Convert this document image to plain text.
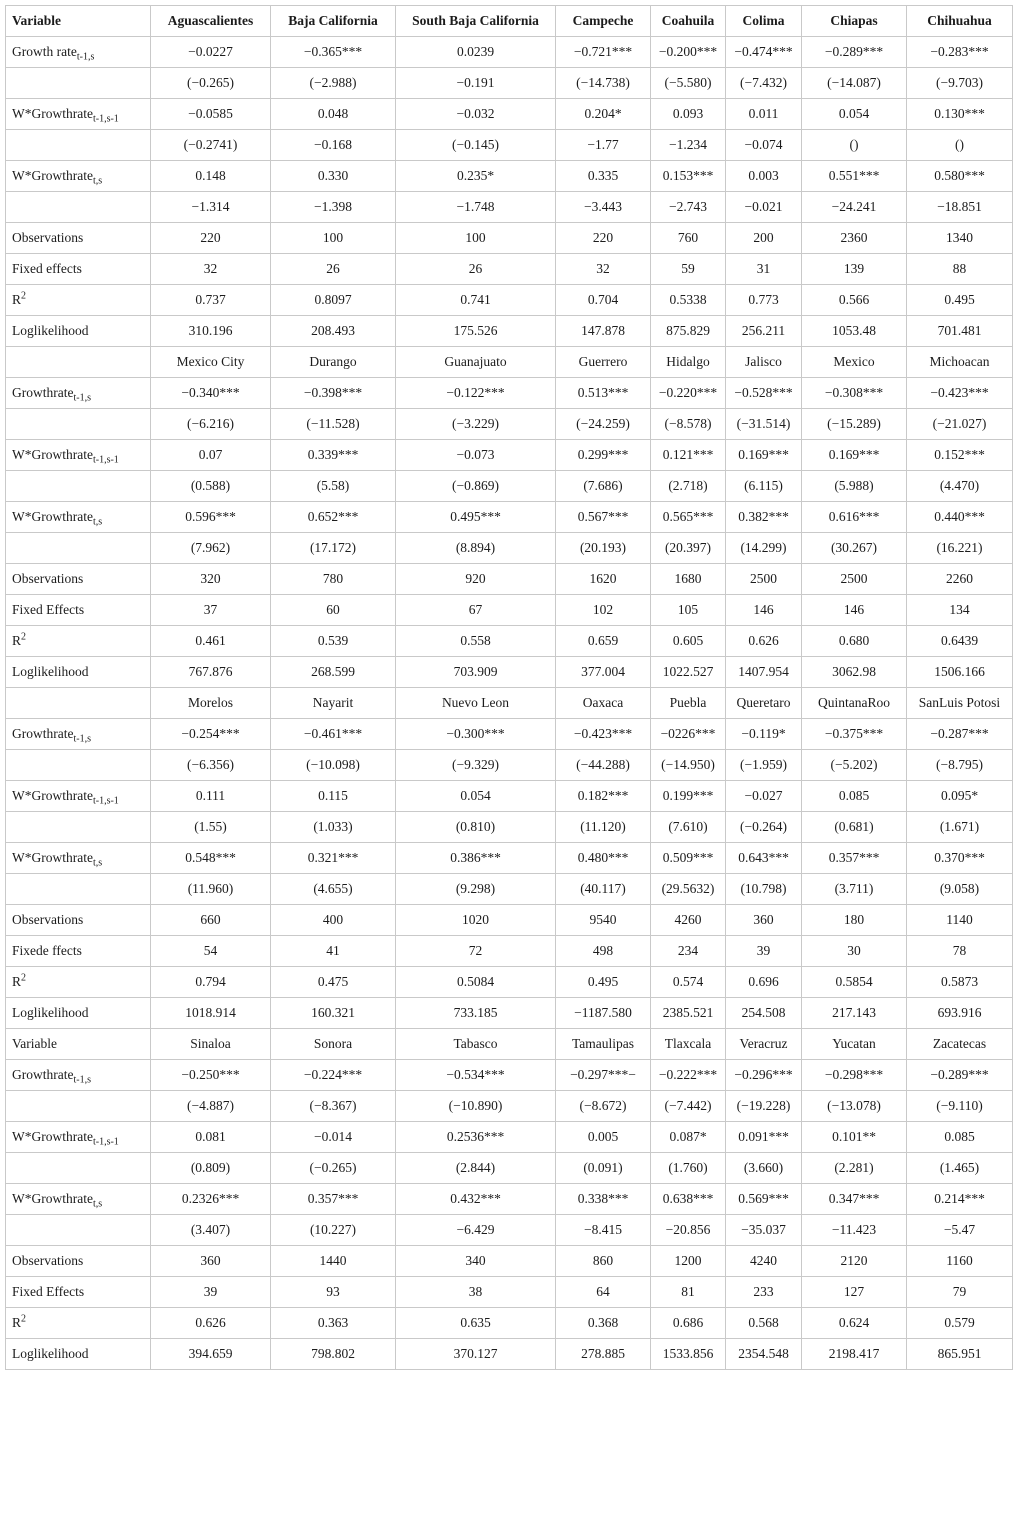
Variable	Aguascalientes	Baja California	South Baja California	Campeche	Coahuila	Colima	Chiapas	Chihuahua
Growth rate$_{t-1,s}$	−0.0227	−0.365***	0.0239	−0.721***	−0.200***	−0.474***	−0.289***	−0.283***
	(−0.265)	(−2.988)	−0.191	(−14.738)	(−5.580)	(−7.432)	(−14.087)	(−9.703)
W*Growthrate$_{t-1,s-1}$	−0.0585	0.048	−0.032	0.204*	0.093	0.011	0.054	0.130***
	(−0.2741)	−0.168	(−0.145)	−1.77	−1.234	−0.074	()	()
W*Growthrate$_{t,s}$	0.148	0.330	0.235*	0.335	0.153***	0.003	0.551***	0.580***
	−1.314	−1.398	−1.748	−3.443	−2.743	−0.021	−24.241	−18.851
Observations	220	100	100	220	760	200	2360	1340
Fixed effects	32	26	26	32	59	31	139	88
$R^2$	0.737	0.8097	0.741	0.704	0.5338	0.773	0.566	0.495
Loglikelihood	310.196	208.493	175.526	147.878	875.829	256.211	1053.48	701.481
	Mexico City	Durango	Guanajuato	Guerrero	Hidalgo	Jalisco	Mexico	Michoacan
Growthrate$_{t-1,s}$	−0.340***	−0.398***	−0.122***	0.513***	−0.220***	−0.528***	−0.308***	−0.423***
	(−6.216)	(−11.528)	(−3.229)	(−24.259)	(−8.578)	(−31.514)	(−15.289)	(−21.027)
W*Growthrate$_{t-1,s-1}$	0.07	0.339***	−0.073	0.299***	0.121***	0.169***	0.169***	0.152***
	(0.588)	(5.58)	(−0.869)	(7.686)	(2.718)	(6.115)	(5.988)	(4.470)
W*Growthrate$_{t,s}$	0.596***	0.652***	0.495***	0.567***	0.565***	0.382***	0.616***	0.440***
	(7.962)	(17.172)	(8.894)	(20.193)	(20.397)	(14.299)	(30.267)	(16.221)
Observations	320	780	920	1620	1680	2500	2500	2260
Fixed Effects	37	60	67	102	105	146	146	134
$R^2$	0.461	0.539	0.558	0.659	0.605	0.626	0.680	0.6439
Loglikelihood	767.876	268.599	703.909	377.004	1022.527	1407.954	3062.98	1506.166
	Morelos	Nayarit	Nuevo Leon	Oaxaca	Puebla	Queretaro	QuintanaRoo	SanLuis Potosi
Growthrate$_{t-1,s}$	−0.254***	−0.461***	−0.300***	−0.423***	−0226***	−0.119*	−0.375***	−0.287***
	(−6.356)	(−10.098)	(−9.329)	(−44.288)	(−14.950)	(−1.959)	(−5.202)	(−8.795)
W*Growthrate$_{t-1,s-1}$	0.111	0.115	0.054	0.182***	0.199***	−0.027	0.085	0.095*
	(1.55)	(1.033)	(0.810)	(11.120)	(7.610)	(−0.264)	(0.681)	(1.671)
W*Growthrate$_{t,s}$	0.548***	0.321***	0.386***	0.480***	0.509***	0.643***	0.357***	0.370***
	(11.960)	(4.655)	(9.298)	(40.117)	(29.5632)	(10.798)	(3.711)	(9.058)
Observations	660	400	1020	9540	4260	360	180	1140
Fixede ffects	54	41	72	498	234	39	30	78
$R^2$	0.794	0.475	0.5084	0.495	0.574	0.696	0.5854	0.5873
Loglikelihood	1018.914	160.321	733.185	−1187.580	2385.521	254.508	217.143	693.916
Variable	Sinaloa	Sonora	Tabasco	Tamaulipas	Tlaxcala	Veracruz	Yucatan	Zacatecas
Growthrate$_{t-1,s}$	−0.250***	−0.224***	−0.534***	−0.297***−	−0.222***	−0.296***	−0.298***	−0.289***
	(−4.887)	(−8.367)	(−10.890)	(−8.672)	(−7.442)	(−19.228)	(−13.078)	(−9.110)
W*Growthrate$_{t-1,s-1}$	0.081	−0.014	0.2536***	0.005	0.087*	0.091***	0.101**	0.085
	(0.809)	(−0.265)	(2.844)	(0.091)	(1.760)	(3.660)	(2.281)	(1.465)
W*Growthrate$_{t,s}$	0.2326***	0.357***	0.432***	0.338***	0.638***	0.569***	0.347***	0.214***
	(3.407)	(10.227)	−6.429	−8.415	−20.856	−35.037	−11.423	−5.47
Observations	360	1440	340	860	1200	4240	2120	1160
Fixed Effects	39	93	38	64	81	233	127	79
$R^2$	0.626	0.363	0.635	0.368	0.686	0.568	0.624	0.579
Loglikelihood	394.659	798.802	370.127	278.885	1533.856	2354.548	2198.417	865.951
